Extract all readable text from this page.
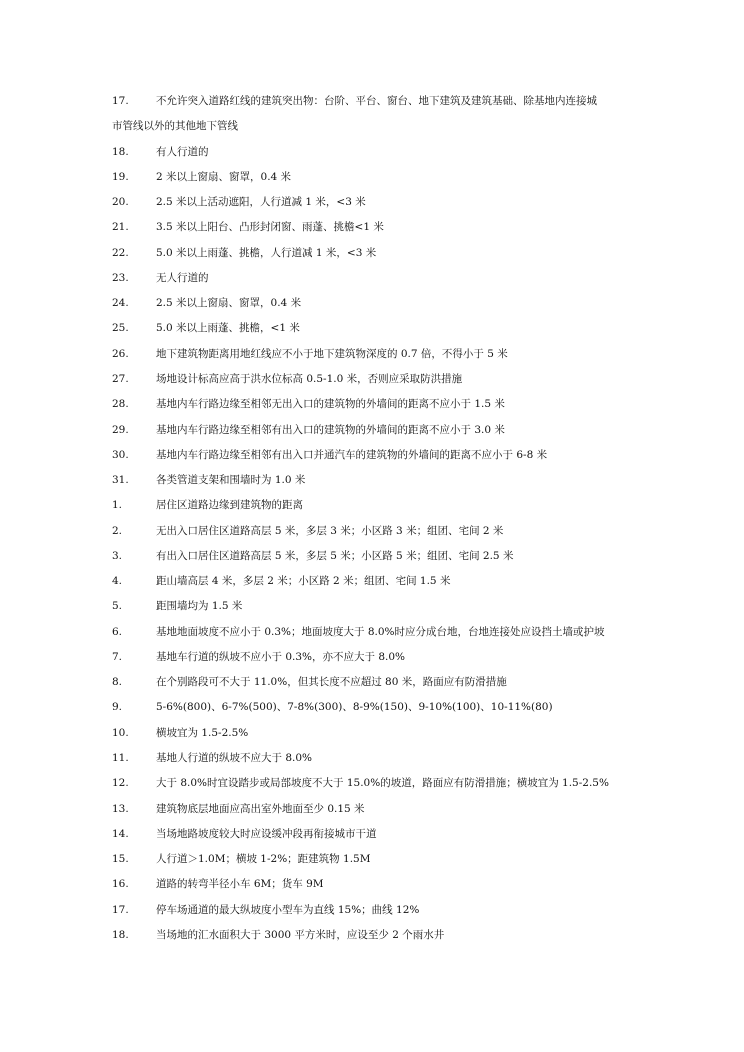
17.	不允许突入道路红线的建筑突出物：台阶、平台、窗台、地下建筑及建筑基础、除基地内连接城
市管线以外的其他地下管线
18.	有人行道的
19.	2 米以上窗扇、窗罩，0.4 米
20.	2.5 米以上活动遮阳，人行道减 1 米，<3 米
21.	3.5 米以上阳台、凸形封闭窗、雨蓬、挑檐<1 米
22.	5.0 米以上雨蓬、挑檐，人行道减 1 米，<3 米
23.	无人行道的
24.	2.5 米以上窗扇、窗罩，0.4 米
25.	5.0 米以上雨蓬、挑檐，<1 米
26.	地下建筑物距离用地红线应不小于地下建筑物深度的 0.7 倍，不得小于 5 米
27.	场地设计标高应高于洪水位标高 0.5-1.0 米，否则应采取防洪措施
28.	基地内车行路边缘至相邻无出入口的建筑物的外墙间的距离不应小于 1.5 米
29.	基地内车行路边缘至相邻有出入口的建筑物的外墙间的距离不应小于 3.0 米
30.	基地内车行路边缘至相邻有出入口并通汽车的建筑物的外墙间的距离不应小于 6-8 米
31.	各类管道支架和围墙时为 1.0 米
1.	居住区道路边缘到建筑物的距离
2.	无出入口居住区道路高层 5 米，多层 3 米；小区路 3 米；组团、宅间 2 米
3.	有出入口居住区道路高层 5 米，多层 5 米；小区路 5 米；组团、宅间 2.5 米
4.	距山墙高层 4 米，多层 2 米；小区路 2 米；组团、宅间 1.5 米
5.	距围墙均为 1.5 米
6.	基地地面坡度不应小于 0.3%；地面坡度大于 8.0%时应分成台地，台地连接处应设挡土墙或护坡
7.	基地车行道的纵坡不应小于 0.3%，亦不应大于 8.0%
8.	在个别路段可不大于 11.0%，但其长度不应超过 80 米，路面应有防滑措施
9.	5-6%(800)、6-7%(500)、7-8%(300)、8-9%(150)、9-10%(100)、10-11%(80)
10.	横坡宜为 1.5-2.5%
11.	基地人行道的纵坡不应大于 8.0%
12.	大于 8.0%时宜设踏步或局部坡度不大于 15.0%的坡道，路面应有防滑措施；横坡宜为 1.5-2.5%
13.	建筑物底层地面应高出室外地面至少 0.15 米
14.	当场地路坡度较大时应设缓冲段再衔接城市干道
15.	人行道＞1.0M；横坡 1-2%；距建筑物 1.5M
16.	道路的转弯半径小车 6M；货车 9M
17.	停车场通道的最大纵坡度小型车为直线 15%；曲线 12%
18.	当场地的汇水面积大于 3000 平方米时，应设至少 2 个雨水井
